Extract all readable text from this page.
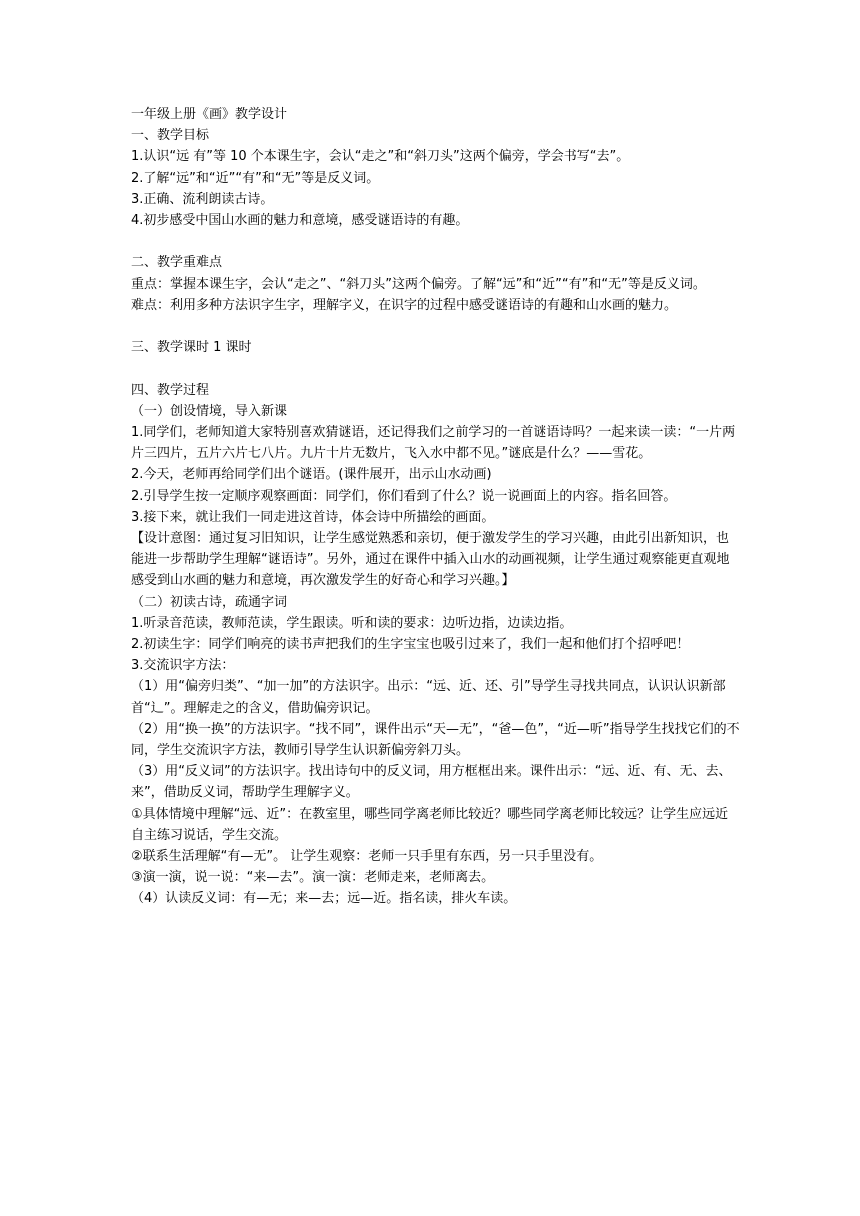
一年级上册《画》教学设计

一、教学目标

1.认识“远 有”等 10 个本课生字，会认“走之”和“斜刀头”这两个偏旁，学会书写“去”。

2.了解“远”和“近”“有”和“无”等是反义词。

3.正确、流利朗读古诗。

4.初步感受中国山水画的魅力和意境，感受谜语诗的有趣。

二、教学重难点

重点：掌握本课生字，会认“走之”、“斜刀头”这两个偏旁。了解“远”和“近”“有”和“无”等是反义词。

难点：利用多种方法识字生字，理解字义，在识字的过程中感受谜语诗的有趣和山水画的魅力。

三、教学课时 1 课时

四、教学过程

（一）创设情境，导入新课

1.同学们，老师知道大家特别喜欢猜谜语，还记得我们之前学习的一首谜语诗吗？一起来读一读：“一片两片三四片，五片六片七八片。九片十片无数片，飞入水中都不见。”谜底是什么？——雪花。

2.今天，老师再给同学们出个谜语。(课件展开，出示山水动画)

2.引导学生按一定顺序观察画面：同学们，你们看到了什么？说一说画面上的内容。指名回答。

3.接下来，就让我们一同走进这首诗，体会诗中所描绘的画面。

【设计意图：通过复习旧知识，让学生感觉熟悉和亲切，便于激发学生的学习兴趣，由此引出新知识，也能进一步帮助学生理解“谜语诗”。另外，通过在课件中插入山水的动画视频，让学生通过观察能更直观地感受到山水画的魅力和意境，再次激发学生的好奇心和学习兴趣。】

（二）初读古诗，疏通字词

1.听录音范读，教师范读，学生跟读。听和读的要求：边听边指，边读边指。

2.初读生字：同学们响亮的读书声把我们的生字宝宝也吸引过来了，我们一起和他们打个招呼吧！

3.交流识字方法：

（1）用“偏旁归类”、“加一加”的方法识字。出示：“远、近、还、引”导学生寻找共同点，认识认识新部首“辶”。理解走之的含义，借助偏旁识记。

（2）用“换一换”的方法识字。“找不同”，课件出示“天—无”，“爸—色”，“近—听”指导学生找找它们的不同，学生交流识字方法，教师引导学生认识新偏旁斜刀头。

（3）用“反义词”的方法识字。找出诗句中的反义词，用方框框出来。课件出示：“远、近、有、无、去、来”，借助反义词，帮助学生理解字义。

①具体情境中理解“远、近”：在教室里，哪些同学离老师比较近？哪些同学离老师比较远？让学生应远近自主练习说话，学生交流。

②联系生活理解“有—无”。 让学生观察：老师一只手里有东西，另一只手里没有。

③演一演，说一说：“来—去”。演一演：老师走来，老师离去。

（4）认读反义词：有—无；来—去；远—近。指名读，排火车读。
